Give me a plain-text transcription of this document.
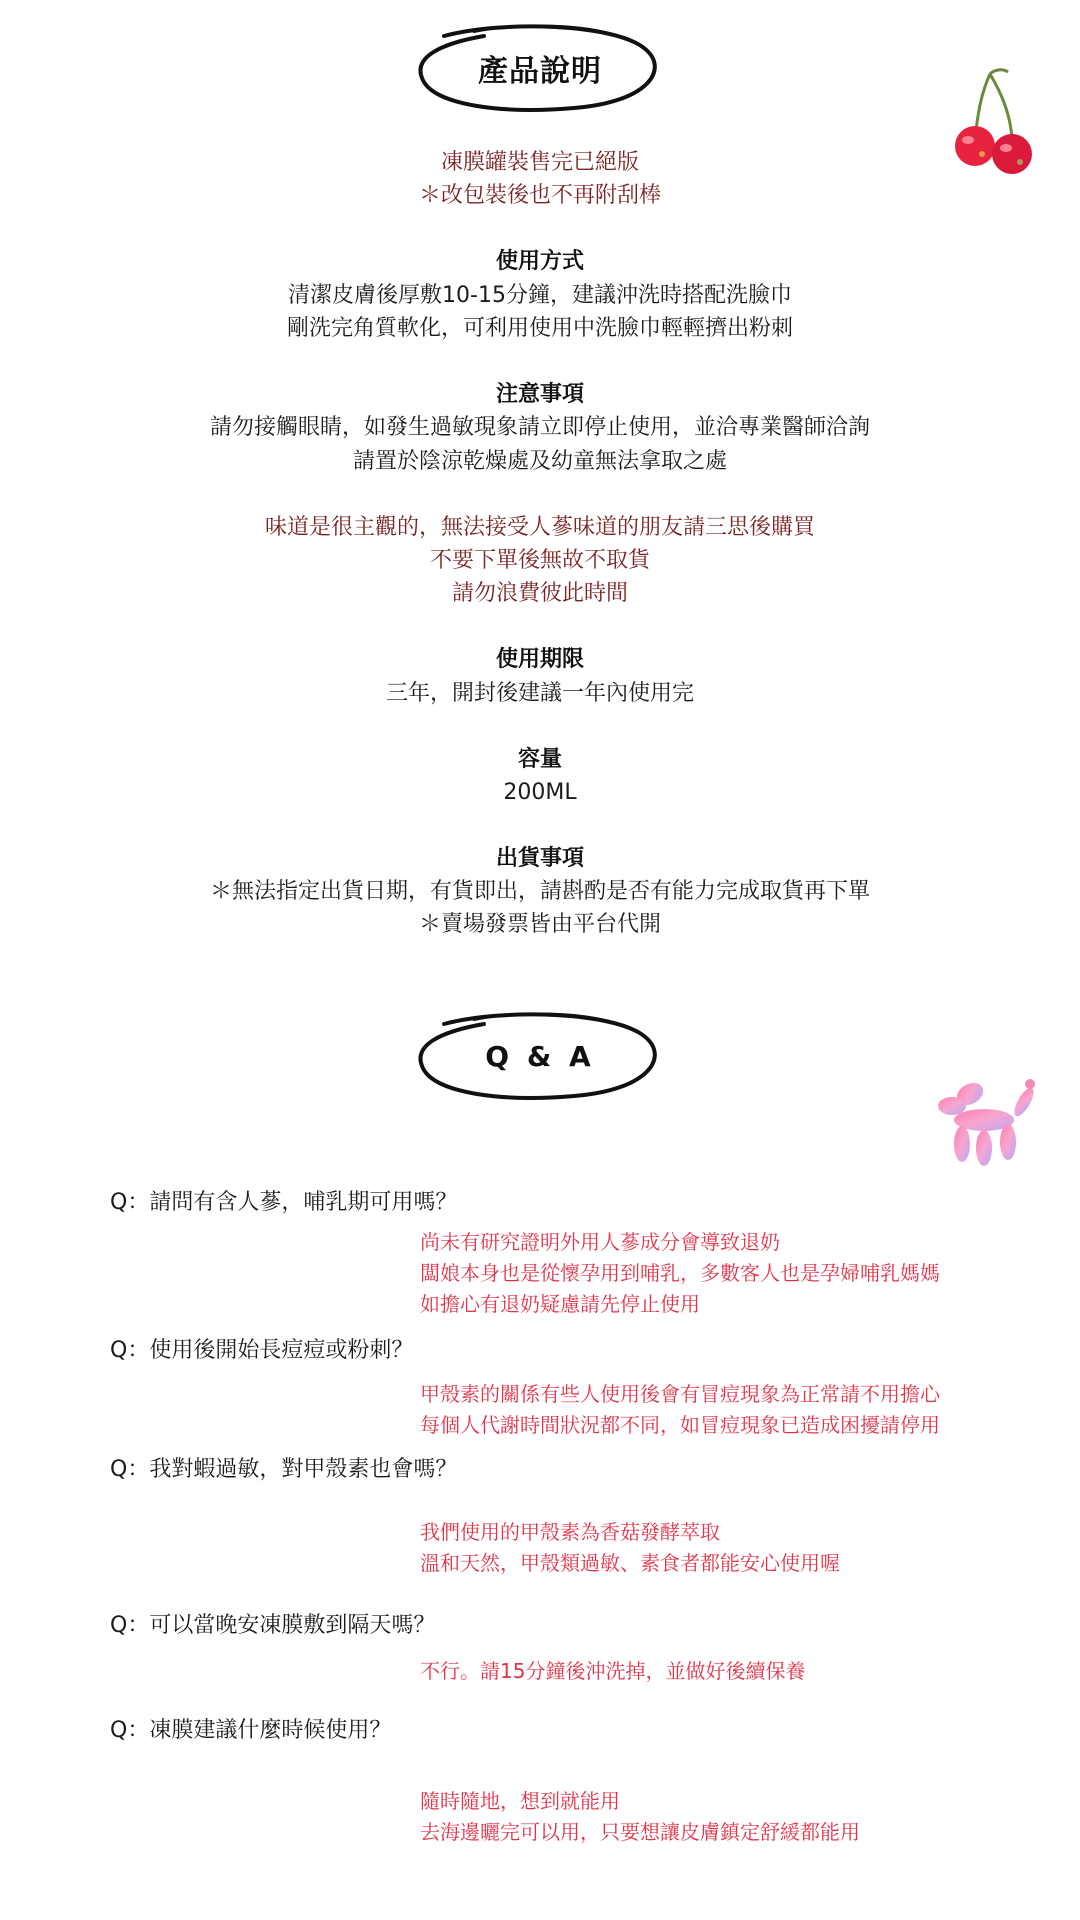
產品說明
凍膜罐裝售完已絕版
＊改包裝後也不再附刮棒
使用方式
清潔皮膚後厚敷10-15分鐘，建議沖洗時搭配洗臉巾
剛洗完角質軟化，可利用使用中洗臉巾輕輕擠出粉刺
注意事項
請勿接觸眼睛，如發生過敏現象請立即停止使用，並洽專業醫師洽詢
請置於陰涼乾燥處及幼童無法拿取之處
味道是很主觀的，無法接受人蔘味道的朋友請三思後購買
不要下單後無故不取貨
請勿浪費彼此時間
使用期限
三年，開封後建議一年內使用完
容量
200ML
出貨事項
＊無法指定出貨日期，有貨即出，請斟酌是否有能力完成取貨再下單
＊賣場發票皆由平台代開
Q & A
Q：請問有含人蔘，哺乳期可用嗎？
尚未有研究證明外用人蔘成分會導致退奶
闆娘本身也是從懷孕用到哺乳，多數客人也是孕婦哺乳媽媽
如擔心有退奶疑慮請先停止使用
Q：使用後開始長痘痘或粉刺？
甲殼素的關係有些人使用後會有冒痘現象為正常請不用擔心
每個人代謝時間狀況都不同，如冒痘現象已造成困擾請停用
Q：我對蝦過敏，對甲殼素也會嗎？
我們使用的甲殼素為香菇發酵萃取
溫和天然，甲殼類過敏、素食者都能安心使用喔
Q：可以當晚安凍膜敷到隔天嗎？
不行。請15分鐘後沖洗掉，並做好後續保養
Q：凍膜建議什麼時候使用？
隨時隨地，想到就能用
去海邊曬完可以用，只要想讓皮膚鎮定舒緩都能用
